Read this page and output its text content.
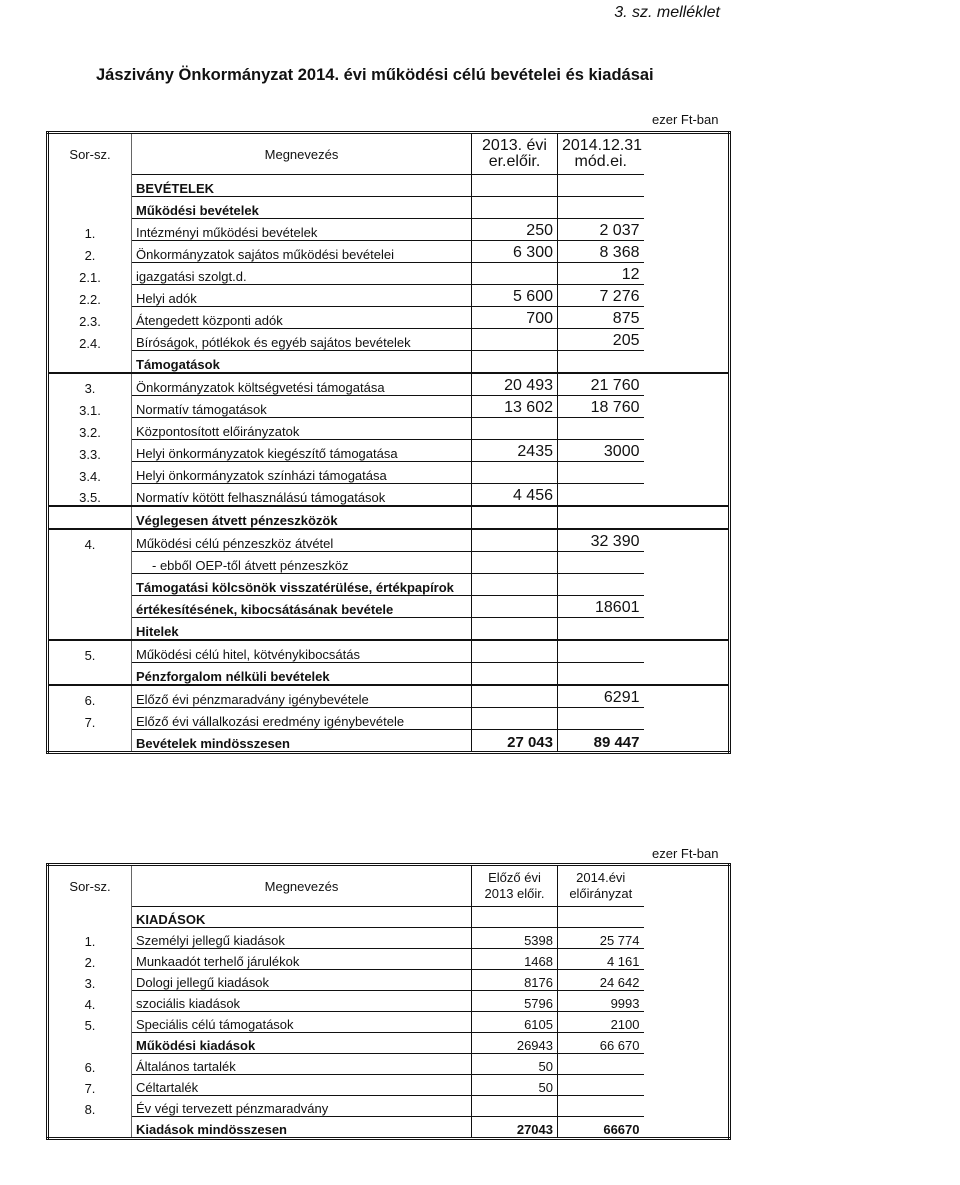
3. sz. melléklet
Jászivány Önkormányzat 2014. évi működési célú bevételei és kiadásai
ezer Ft-ban
Sor-sz.	Megnevezés	2013. évi er.előir.	2014.12.31 mód.ei.	
	BEVÉTELEK			
	Működési bevételek			
1.	Intézményi működési bevételek	250	2 037	
2.	Önkormányzatok sajátos működési bevételei	6 300	8 368	
2.1.	igazgatási szolgt.d.		12	
2.2.	Helyi adók	5 600	7 276	
2.3.	Átengedett központi adók	700	875	
2.4.	Bíróságok, pótlékok és egyéb sajátos bevételek		205	
	Támogatások			
3.	Önkormányzatok költségvetési támogatása	20 493	21 760	
3.1.	Normatív támogatások	13 602	18 760	
3.2.	Központosított előirányzatok			
3.3.	Helyi önkormányzatok kiegészítő támogatása	2435	3000	
3.4.	Helyi önkormányzatok színházi támogatása			
3.5.	Normatív kötött felhasználású támogatások	4 456		
	Véglegesen átvett pénzeszközök			
4.	Működési célú pénzeszköz átvétel		32 390	
	- ebből OEP-től átvett pénzeszköz			
	Támogatási kölcsönök visszatérülése, értékpapírok			
	értékesítésének, kibocsátásának bevétele		18601	
	Hitelek			
5.	Működési célú hitel, kötvénykibocsátás			
	Pénzforgalom nélküli bevételek			
6.	Előző évi pénzmaradvány igénybevétele		6291	
7.	Előző évi vállalkozási eredmény igénybevétele			
	Bevételek mindösszesen	27 043	89 447	
ezer Ft-ban
Sor-sz.	Megnevezés	Előző évi 2013 előir.	2014.évi előirányzat	
	KIADÁSOK			
1.	Személyi jellegű kiadások	5398	25 774	
2.	Munkaadót terhelő járulékok	1468	4 161	
3.	Dologi jellegű kiadások	8176	24 642	
4.	szociális kiadások	5796	9993	
5.	Speciális célú támogatások	6105	2100	
	Működési kiadások	26943	66 670	
6.	Általános tartalék	50		
7.	Céltartalék	50		
8.	Év végi tervezett pénzmaradvány			
	Kiadások mindösszesen	27043	66670	
